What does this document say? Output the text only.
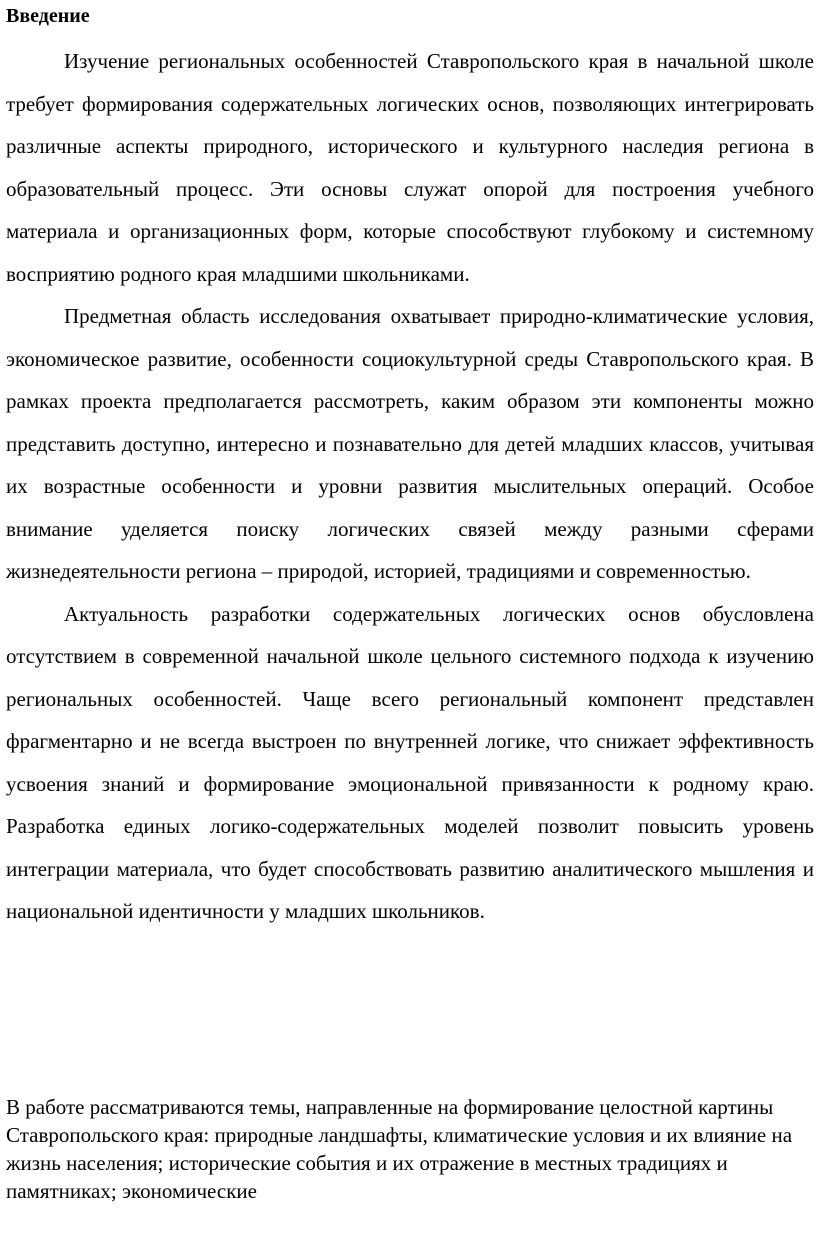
Введение

Изучение региональных особенностей Ставропольского края в начальной школе требует формирования содержательных логических основ, позволяющих интегрировать различные аспекты природного, исторического и культурного наследия региона в образовательный процесс. Эти основы служат опорой для построения учебного материала и организационных форм, которые способствуют глубокому и системному восприятию родного края младшими школьниками.

Предметная область исследования охватывает природно-климатические условия, экономическое развитие, особенности социокультурной среды Ставропольского края. В рамках проекта предполагается рассмотреть, каким образом эти компоненты можно представить доступно, интересно и познавательно для детей младших классов, учитывая их возрастные особенности и уровни развития мыслительных операций. Особое внимание уделяется поиску логических связей между разными сферами жизнедеятельности региона – природой, историей, традициями и современностью.

Актуальность разработки содержательных логических основ обусловлена отсутствием в современной начальной школе цельного системного подхода к изучению региональных особенностей. Чаще всего региональный компонент представлен фрагментарно и не всегда выстроен по внутренней логике, что снижает эффективность усвоения знаний и формирование эмоциональной привязанности к родному краю. Разработка единых логико-содержательных моделей позволит повысить уровень интеграции материала, что будет способствовать развитию аналитического мышления и национальной идентичности у младших школьников.

В работе рассматриваются темы, направленные на формирование целостной картины Ставропольского края: природные ландшафты, климатические условия и их влияние на жизнь населения; исторические события и их отражение в местных традициях и памятниках; экономические
